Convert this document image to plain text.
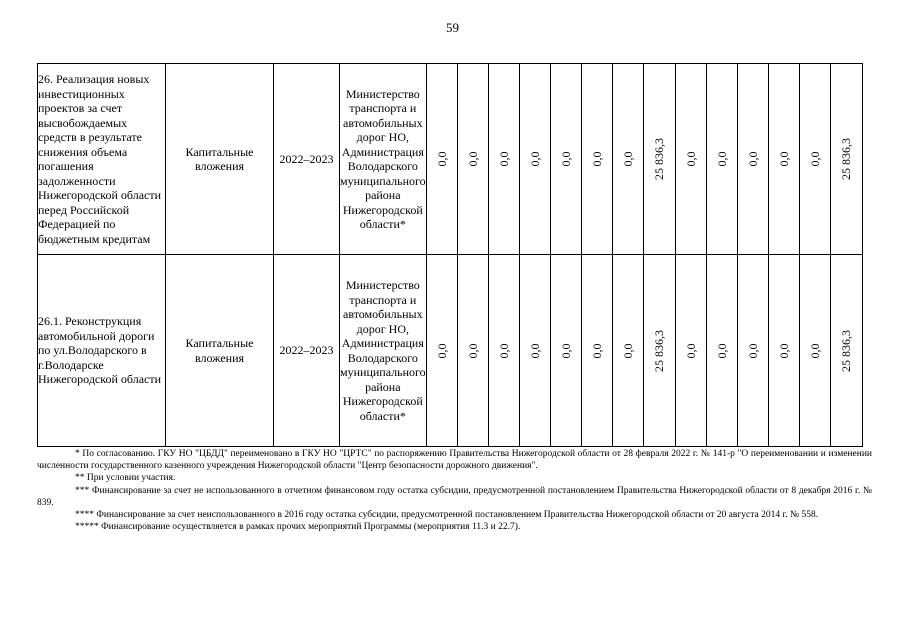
59
26. Реализация новых инвестиционных проектов за счет высвобождаемых средств в результате снижения объема погашения задолженности Нижегородской области перед Российской Федерацией по бюджетным кредитам	Капитальные вложения	2022–2023	Министерство транспорта и автомобильных дорог НО, Администрация Володарского муниципального района Нижегородской области*	0,0	0,0	0,0	0,0	0,0	0,0	0,0	25 836,3	0,0	0,0	0,0	0,0	0,0	25 836,3

26.1. Реконструкция автомобильной дороги по ул.Володарского в г.Володарске Нижегородской области	Капитальные вложения	2022–2023	Министерство транспорта и автомобильных дорог НО, Администрация Володарского муниципального района Нижегородской области*	0,0	0,0	0,0	0,0	0,0	0,0	0,0	25 836,3	0,0	0,0	0,0	0,0	0,0	25 836,3

* По согласованию. ГКУ НО "ЦБДД" переименовано в ГКУ НО "ЦРТС" по распоряжению Правительства Нижегородской области от 28 февраля 2022 г. № 141-р "О переименовании и изменении численности государственного казенного учреждения Нижегородской области "Центр безопасности дорожного движения".

** При условии участия.

*** Финансирование за счет не использованного в отчетном финансовом году остатка субсидии, предусмотренной постановлением Правительства Нижегородской области от 8 декабря 2016 г. № 839.

**** Финансирование за счет неиспользованного в 2016 году остатка субсидии, предусмотренной постановлением Правительства Нижегородской области от 20 августа 2014 г. № 558.

***** Финансирование осуществляется в рамках прочих мероприятий Программы (мероприятия 11.3 и 22.7).
